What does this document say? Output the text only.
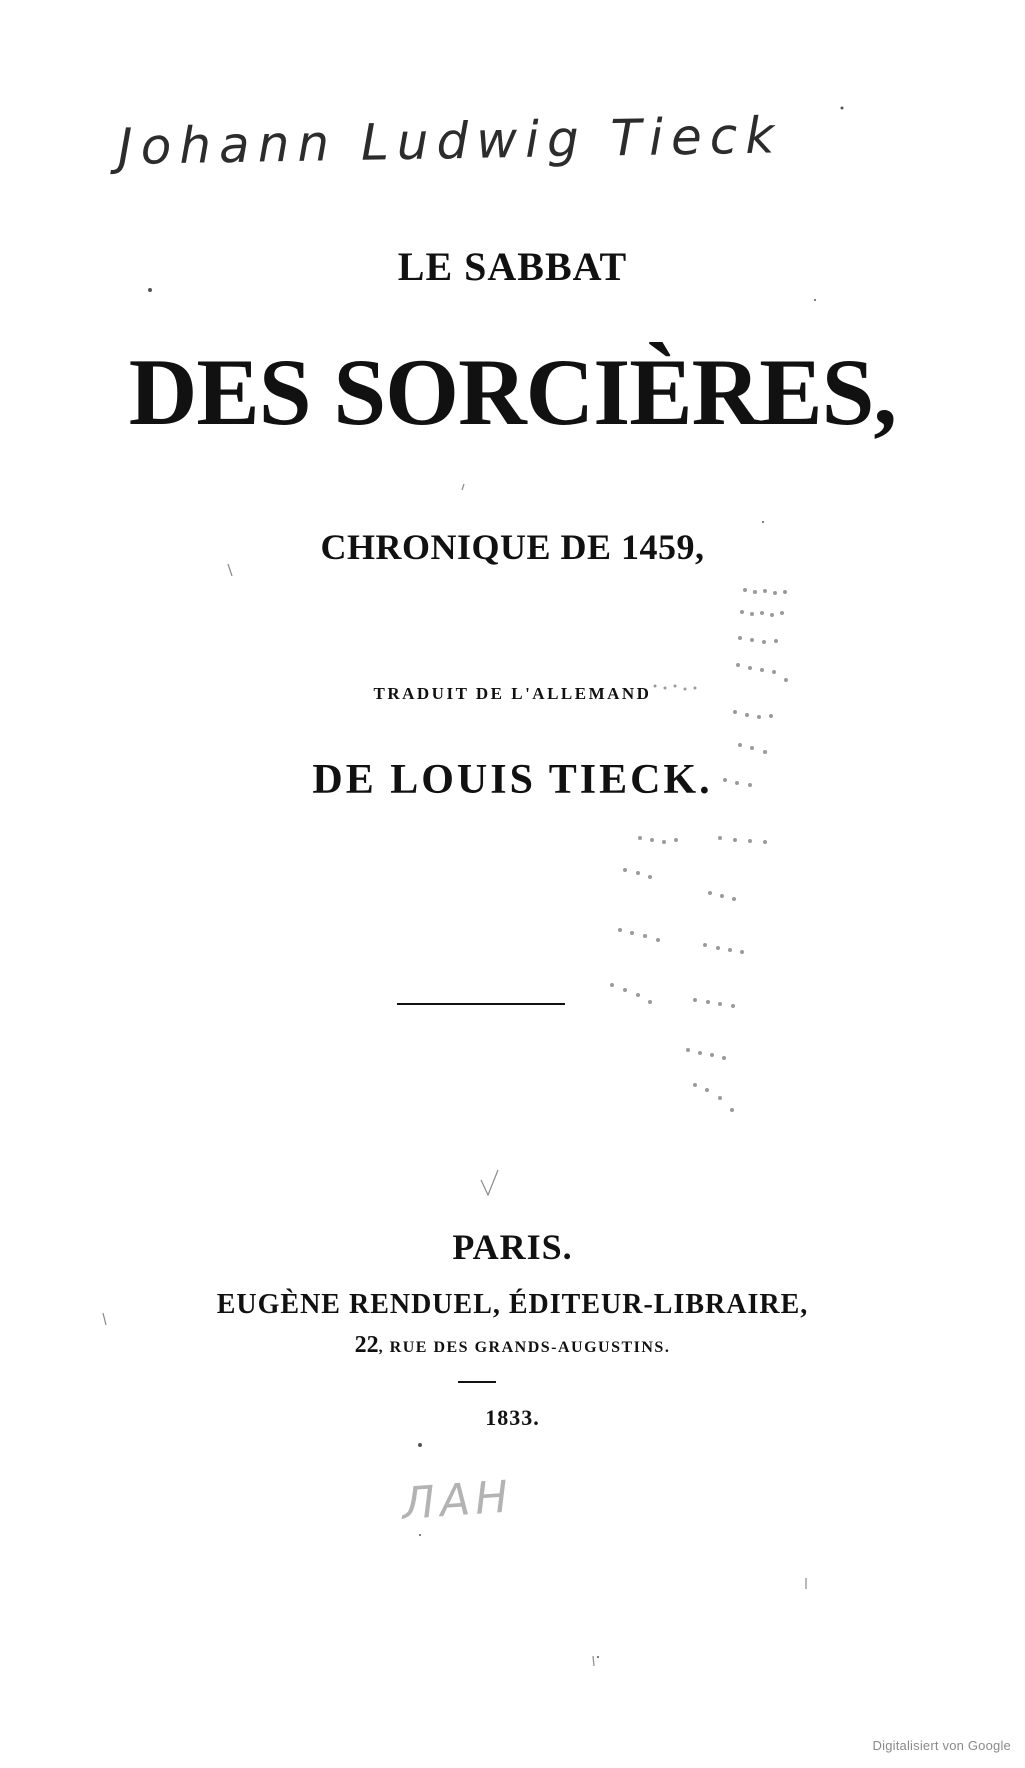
Johann Ludwig Tieck
LE SABBAT
DES SORCIÈRES,
CHRONIQUE DE 1459,
TRADUIT DE L'ALLEMAND
DE LOUIS TIECK.
PARIS.
EUGÈNE RENDUEL, ÉDITEUR-LIBRAIRE,
22, RUE DES GRANDS-AUGUSTINS.
1833.
ЛАН
Digitalisiert von Google
